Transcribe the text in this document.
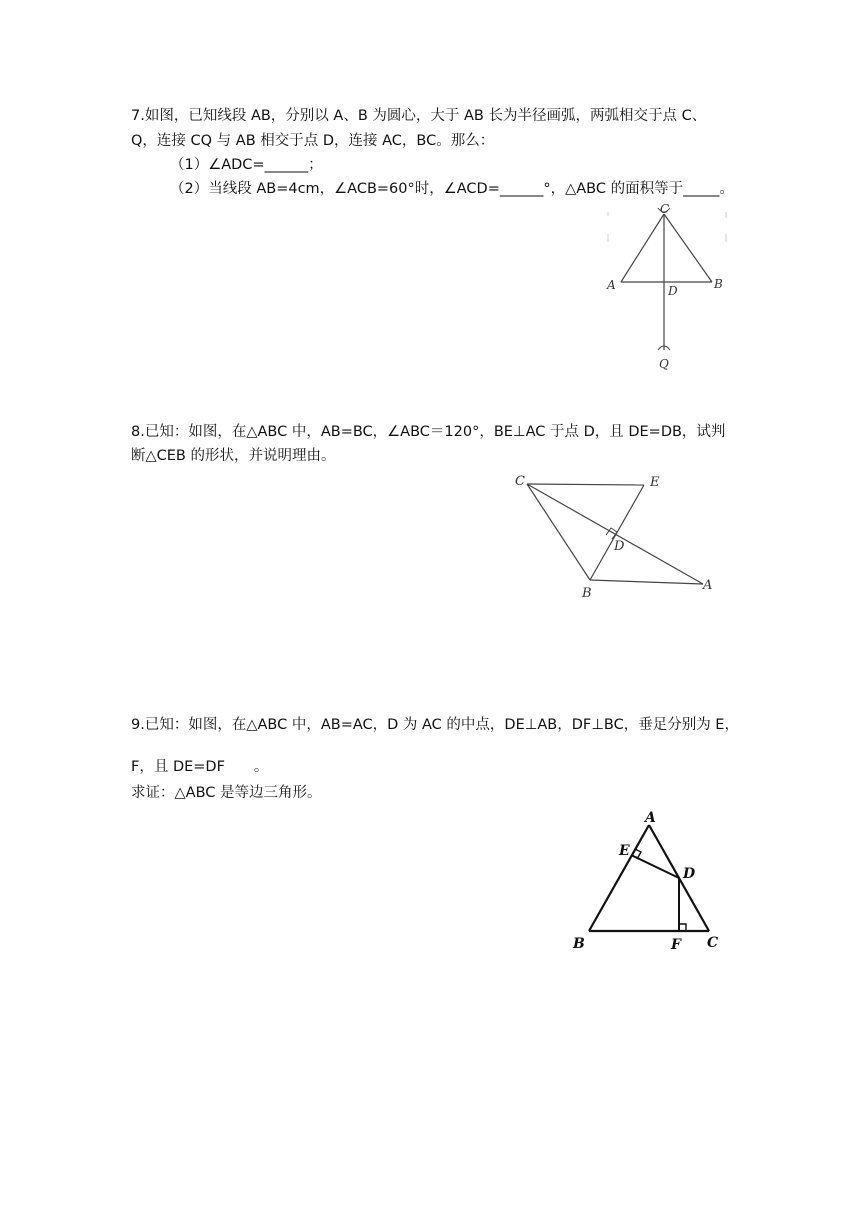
7.如图，已知线段 AB，分别以 A、B 为圆心，大于 AB 长为半径画弧，两弧相交于点 C、
Q，连接 CQ 与 AB 相交于点 D，连接 AC，BC。那么：
（1）∠ADC=______；
（2）当线段 AB=4cm，∠ACB=60°时，∠ACD=______°，△ABC 的面积等于_____。
C
A	B
D
Q
8.已知：如图，在△ABC 中，AB=BC，∠ABC＝120°，BE⊥AC 于点 D，且 DE=DB，试判
断△CEB 的形状，并说明理由。
C	E
D
B
A
9.已知：如图，在△ABC 中，AB=AC，D 为 AC 的中点，DE⊥AB，DF⊥BC，垂足分别为 E，
F，且 DE=DF　　。
求证：△ABC 是等边三角形。
A
E
D
B	F C
